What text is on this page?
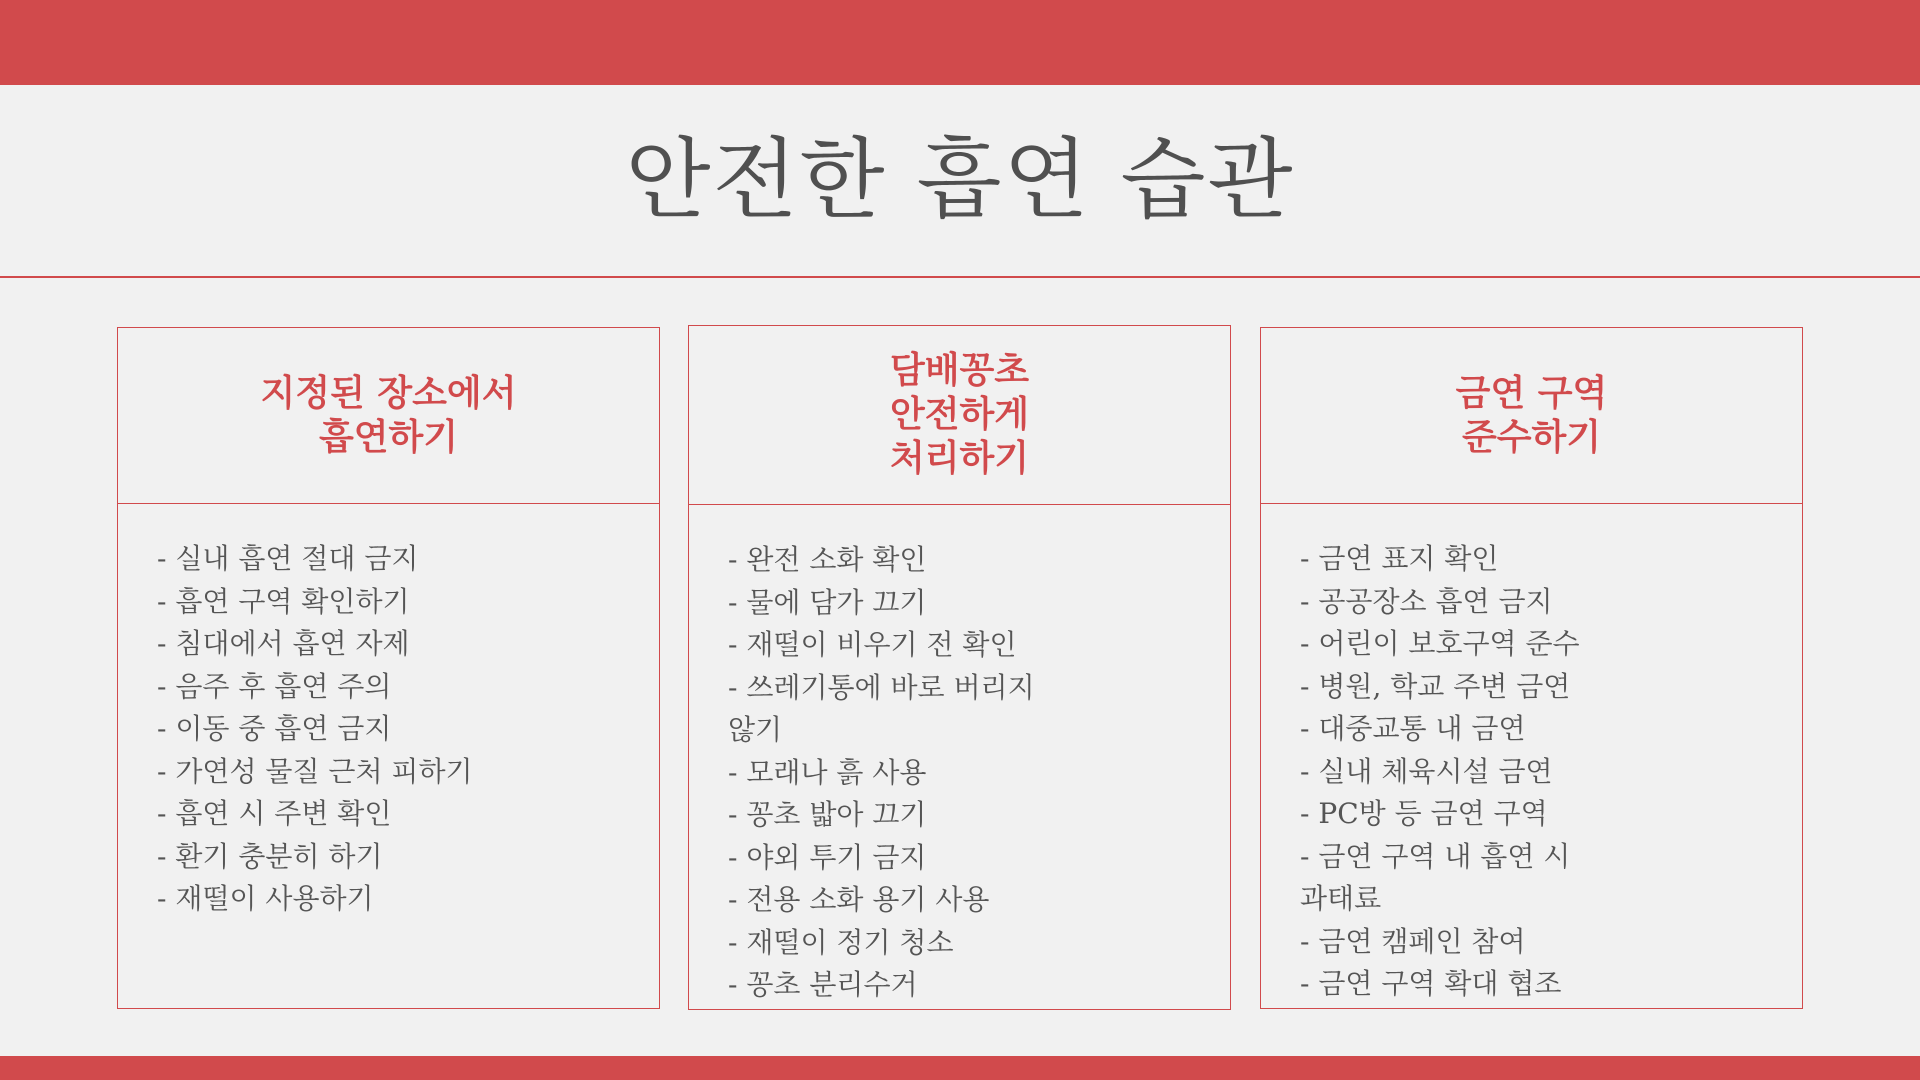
안전한 흡연 습관
지정된 장소에서
흡연하기
- 실내 흡연 절대 금지
- 흡연 구역 확인하기
- 침대에서 흡연 자제
- 음주 후 흡연 주의
- 이동 중 흡연 금지
- 가연성 물질 근처 피하기
- 흡연 시 주변 확인
- 환기 충분히 하기
- 재떨이 사용하기
담배꽁초
안전하게
처리하기
- 완전 소화 확인
- 물에 담가 끄기
- 재떨이 비우기 전 확인
- 쓰레기통에 바로 버리지 않기
- 모래나 흙 사용
- 꽁초 밟아 끄기
- 야외 투기 금지
- 전용 소화 용기 사용
- 재떨이 정기 청소
- 꽁초 분리수거
금연 구역
준수하기
- 금연 표지 확인
- 공공장소 흡연 금지
- 어린이 보호구역 준수
- 병원, 학교 주변 금연
- 대중교통 내 금연
- 실내 체육시설 금연
- PC방 등 금연 구역
- 금연 구역 내 흡연 시 과태료
- 금연 캠페인 참여
- 금연 구역 확대 협조
